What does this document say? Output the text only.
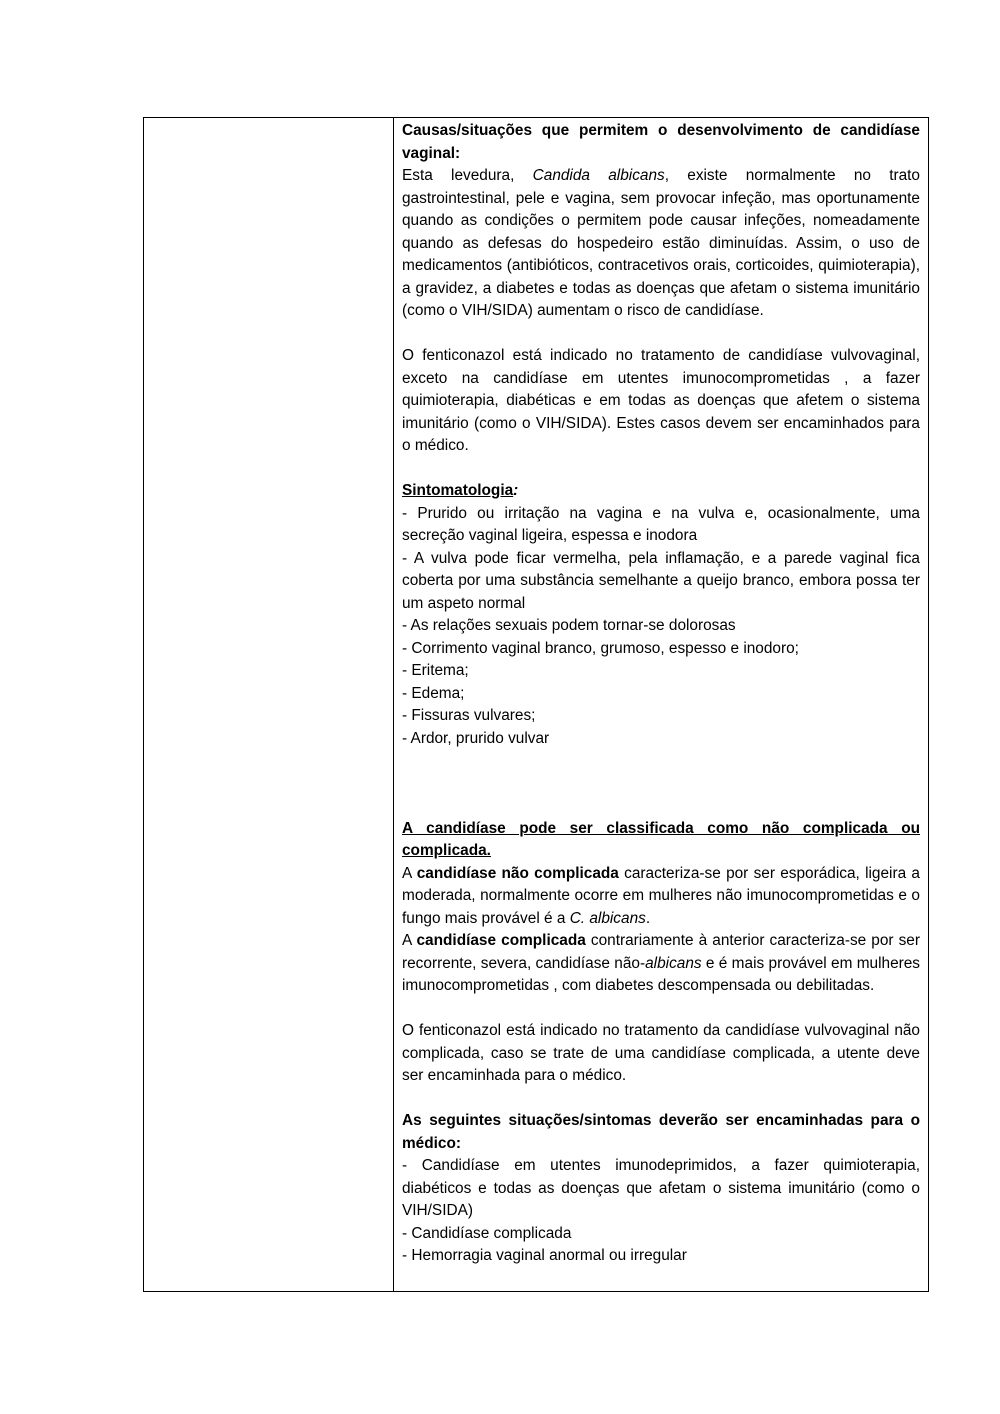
Causas/situações que permitem o desenvolvimento de candidíase vaginal:

Esta levedura, Candida albicans, existe normalmente no trato gastrointestinal, pele e vagina, sem provocar infeção, mas oportunamente quando as condições o permitem pode causar infeções, nomeadamente quando as defesas do hospedeiro estão diminuídas. Assim, o uso de medicamentos (antibióticos, contracetivos orais, corticoides, quimioterapia), a gravidez, a diabetes e todas as doenças que afetam o sistema imunitário (como o VIH/SIDA) aumentam o risco de candidíase.

O fenticonazol está indicado no tratamento de candidíase vulvovaginal, exceto na candidíase em utentes imunocomprometidas , a fazer quimioterapia, diabéticas e em todas as doenças que afetem o sistema imunitário (como o VIH/SIDA). Estes casos devem ser encaminhados para o médico.

Sintomatologia:

- Prurido ou irritação na vagina e na vulva e, ocasionalmente, uma secreção vaginal ligeira, espessa e inodora

- A vulva pode ficar vermelha, pela inflamação, e a parede vaginal fica coberta por uma substância semelhante a queijo branco, embora possa ter um aspeto normal

- As relações sexuais podem tornar-se dolorosas

- Corrimento vaginal branco, grumoso, espesso e inodoro;

- Eritema;

- Edema;

- Fissuras vulvares;

- Ardor, prurido vulvar

A candidíase pode ser classificada como não complicada ou complicada.

A candidíase não complicada caracteriza-se por ser esporádica, ligeira a moderada, normalmente ocorre em mulheres não imunocomprometidas e o fungo mais provável é a C. albicans.

A candidíase complicada contrariamente à anterior caracteriza-se por ser recorrente, severa, candidíase não-albicans e é mais provável em mulheres imunocomprometidas , com diabetes descompensada ou debilitadas.

O fenticonazol está indicado no tratamento da candidíase vulvovaginal não complicada, caso se trate de uma candidíase complicada, a utente deve ser encaminhada para o médico.

As seguintes situações/sintomas deverão ser encaminhadas para o médico:

- Candidíase em utentes imunodeprimidos, a fazer quimioterapia, diabéticos e todas as doenças que afetam o sistema imunitário (como o VIH/SIDA)

- Candidíase complicada

- Hemorragia vaginal anormal ou irregular
